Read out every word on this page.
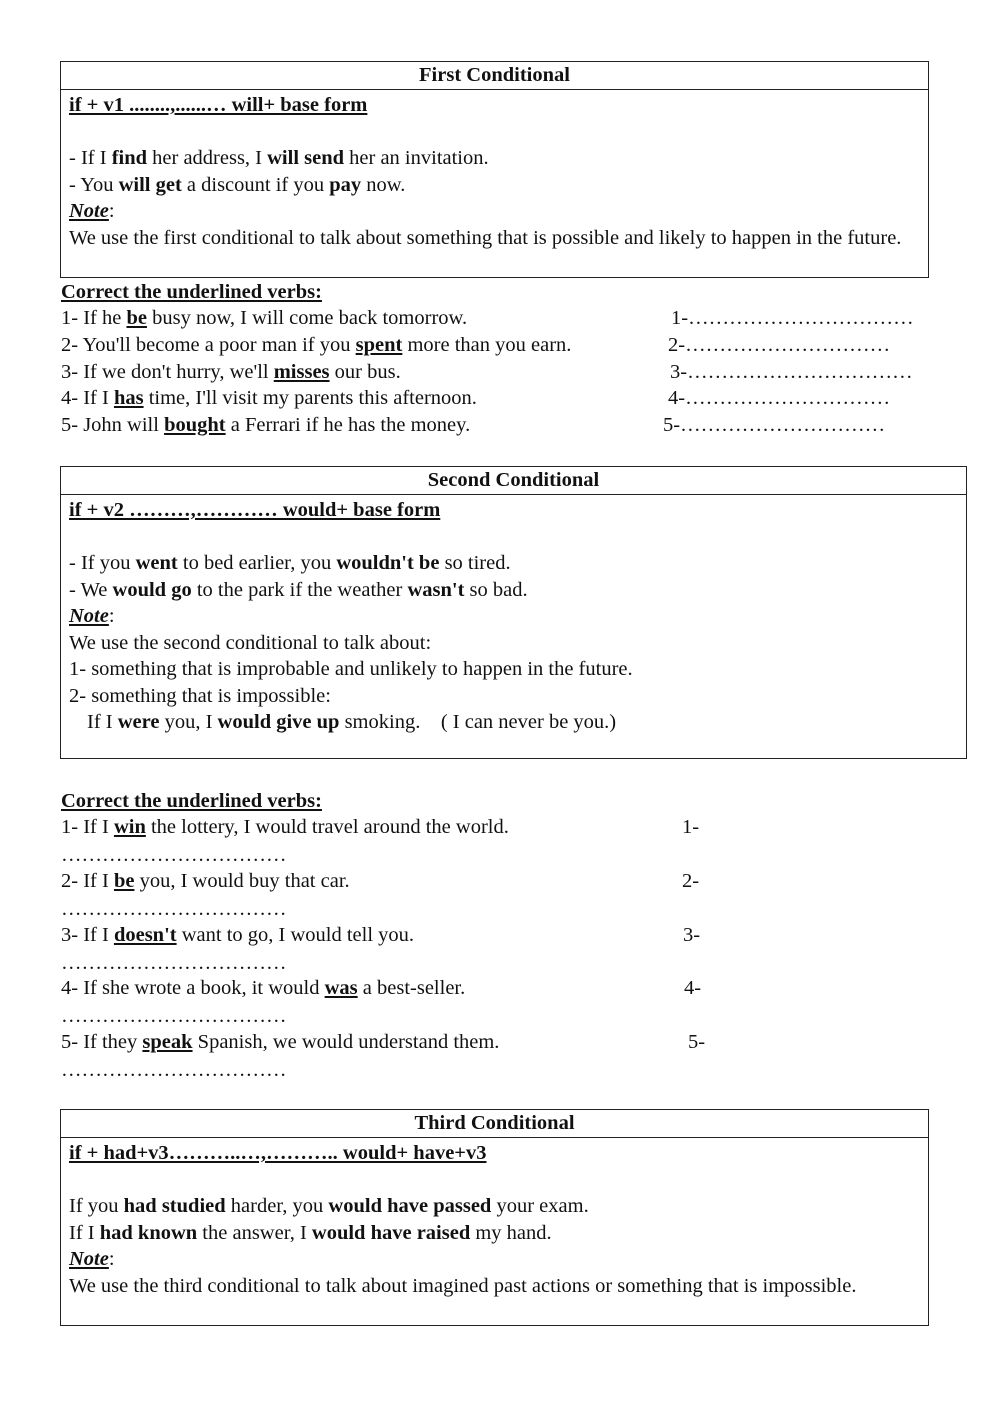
First Conditional
if + v1 ........,......… will+ base form
- If I find her address, I will send her an invitation.
- You will get a discount if you pay now.
Note:
We use the first conditional to talk about something that is possible and likely to happen in the future.
Correct the underlined verbs:
1- If he be busy now, I will come back tomorrow.	1-……………………………
2- You'll become a poor man if you spent more than you earn.	2-…………………………
3- If we don't hurry, we'll misses our bus.	3-……………………………
4- If I has time, I'll visit my parents this afternoon.	4-…………………………
5- John will bought a Ferrari if he has the money.	5-…………………………
Second Conditional
if + v2 ………,………… would+ base form
- If you went to bed earlier, you wouldn't be so tired.
- We would go to the park if the weather wasn't so bad.
Note:
We use the second conditional to talk about:
1- something that is improbable and unlikely to happen in the future.
2- something that is impossible:
If I were you, I would give up smoking.    ( I can never be you.)
Correct the underlined verbs:
1- If I win the lottery, I would travel around the world.	1-
……………………………
2- If I be you, I would buy that car.	2-
……………………………
3- If I doesn't want to go, I would tell you.	3-
……………………………
4- If she wrote a book, it would was a best-seller.	4-
……………………………
5- If they speak Spanish, we would understand them.	5-
……………………………
Third Conditional
if + had+v3………..…,……….. would+ have+v3
If you had studied harder, you would have passed your exam.
If I had known the answer, I would have raised my hand.
Note:
We use the third conditional to talk about imagined past actions or something that is impossible.
